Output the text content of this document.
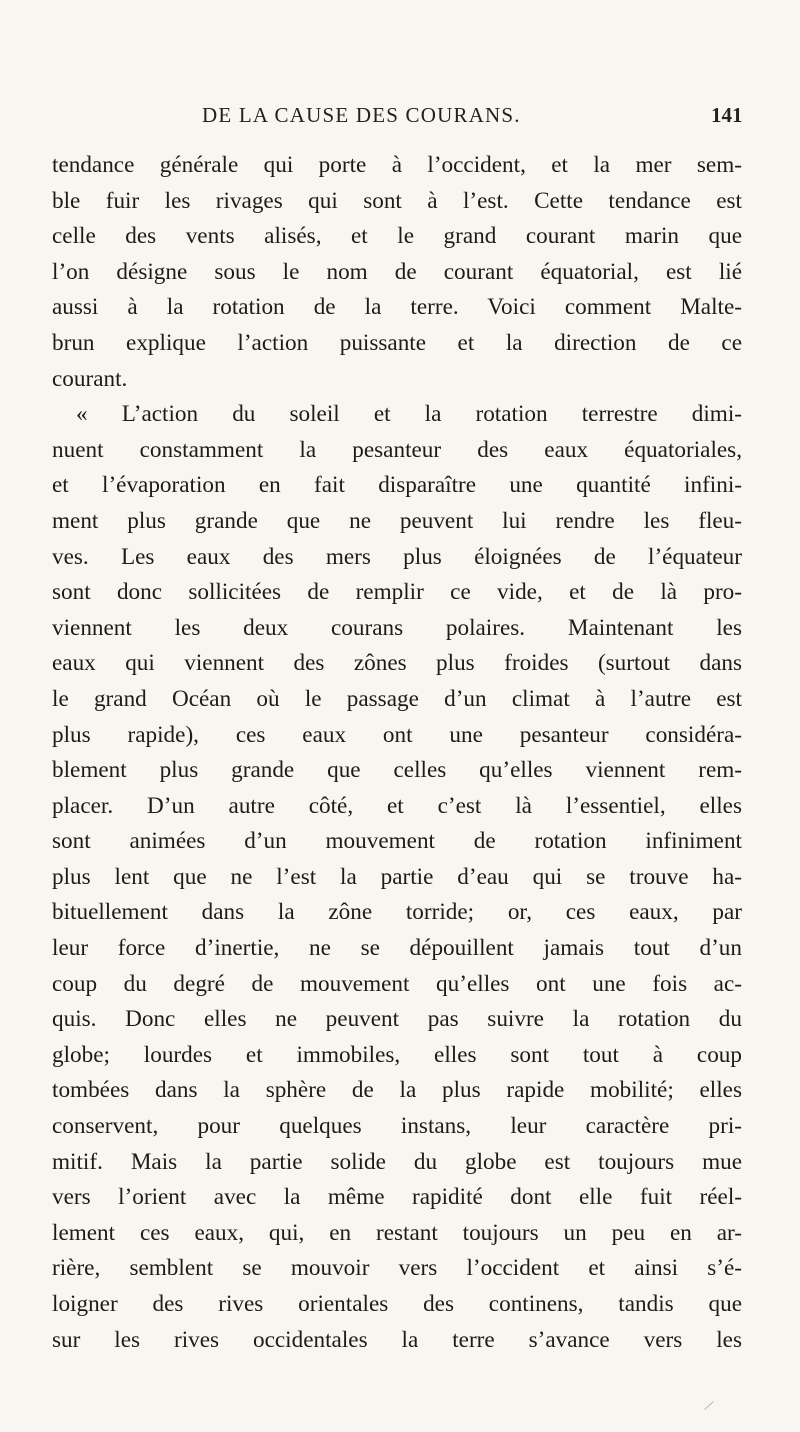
DE LA CAUSE DES COURANS.	141
tendance générale qui porte à l’occident, et la mer sem-
ble fuir les rivages qui sont à l’est. Cette tendance est
celle des vents alisés, et le grand courant marin que
l’on désigne sous le nom de courant équatorial, est lié
aussi à la rotation de la terre. Voici comment Malte-
brun explique l’action puissante et la direction de ce
courant.
« L’action du soleil et la rotation terrestre dimi-
nuent constamment la pesanteur des eaux équatoriales,
et l’évaporation en fait disparaître une quantité infini-
ment plus grande que ne peuvent lui rendre les fleu-
ves. Les eaux des mers plus éloignées de l’équateur
sont donc sollicitées de remplir ce vide, et de là pro-
viennent les deux courans polaires. Maintenant les
eaux qui viennent des zônes plus froides (surtout dans
le grand Océan où le passage d’un climat à l’autre est
plus rapide), ces eaux ont une pesanteur considéra-
blement plus grande que celles qu’elles viennent rem-
placer. D’un autre côté, et c’est là l’essentiel, elles
sont animées d’un mouvement de rotation infiniment
plus lent que ne l’est la partie d’eau qui se trouve ha-
bituellement dans la zône torride; or, ces eaux, par
leur force d’inertie, ne se dépouillent jamais tout d’un
coup du degré de mouvement qu’elles ont une fois ac-
quis. Donc elles ne peuvent pas suivre la rotation du
globe; lourdes et immobiles, elles sont tout à coup
tombées dans la sphère de la plus rapide mobilité; elles
conservent, pour quelques instans, leur caractère pri-
mitif. Mais la partie solide du globe est toujours mue
vers l’orient avec la même rapidité dont elle fuit réel-
lement ces eaux, qui, en restant toujours un peu en ar-
rière, semblent se mouvoir vers l’occident et ainsi s’é-
loigner des rives orientales des continens, tandis que
sur les rives occidentales la terre s’avance vers les
